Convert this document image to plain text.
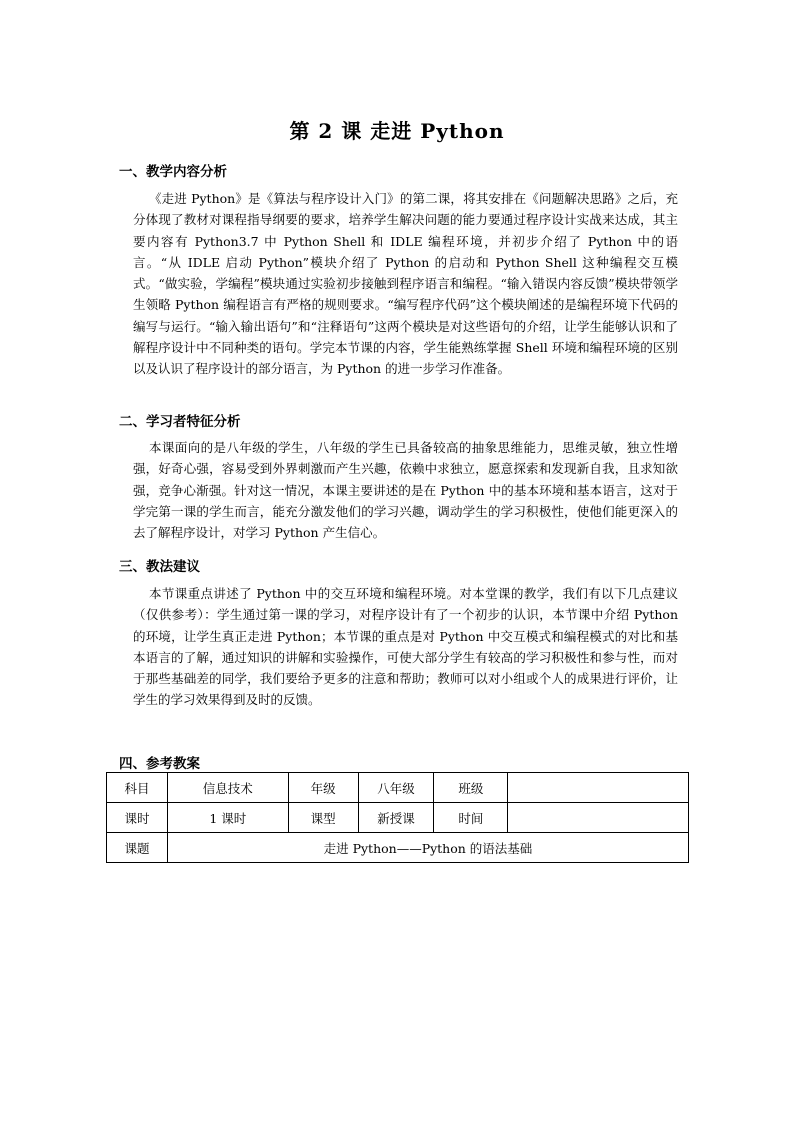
第 2 课 走进 Python
一、教学内容分析

《走进 Python》是《算法与程序设计入门》的第二课，将其安排在《问题解决思路》之后，充分体现了教材对课程指导纲要的要求，培养学生解决问题的能力要通过程序设计实战来达成，其主要内容有 Python3.7 中 Python Shell 和 IDLE 编程环境，并初步介绍了 Python 中的语言。“从 IDLE 启动 Python”模块介绍了 Python 的启动和 Python Shell 这种编程交互模式。“做实验，学编程”模块通过实验初步接触到程序语言和编程。“输入错误内容反馈”模块带领学生领略 Python 编程语言有严格的规则要求。“编写程序代码”这个模块阐述的是编程环境下代码的编写与运行。“输入输出语句”和“注释语句”这两个模块是对这些语句的介绍，让学生能够认识和了解程序设计中不同种类的语句。学完本节课的内容，学生能熟练掌握 Shell 环境和编程环境的区别以及认识了程序设计的部分语言，为 Python 的进一步学习作准备。

二、学习者特征分析

本课面向的是八年级的学生，八年级的学生已具备较高的抽象思维能力，思维灵敏，独立性增强，好奇心强，容易受到外界刺激而产生兴趣，依赖中求独立，愿意探索和发现新自我，且求知欲强，竞争心渐强。针对这一情况，本课主要讲述的是在 Python 中的基本环境和基本语言，这对于学完第一课的学生而言，能充分激发他们的学习兴趣，调动学生的学习积极性，使他们能更深入的去了解程序设计，对学习 Python 产生信心。

三、教法建议

本节课重点讲述了 Python 中的交互环境和编程环境。对本堂课的教学，我们有以下几点建议（仅供参考）：学生通过第一课的学习，对程序设计有了一个初步的认识，本节课中介绍 Python 的环境，让学生真正走进 Python；本节课的重点是对 Python 中交互模式和编程模式的对比和基本语言的了解，通过知识的讲解和实验操作，可使大部分学生有较高的学习积极性和参与性，而对于那些基础差的同学，我们要给予更多的注意和帮助；教师可以对小组或个人的成果进行评价，让学生的学习效果得到及时的反馈。

四、参考教案
科目	信息技术	年级	八年级	班级	
课时	1 课时	课型	新授课	时间	
课题	走进 Python——Python 的语法基础				
